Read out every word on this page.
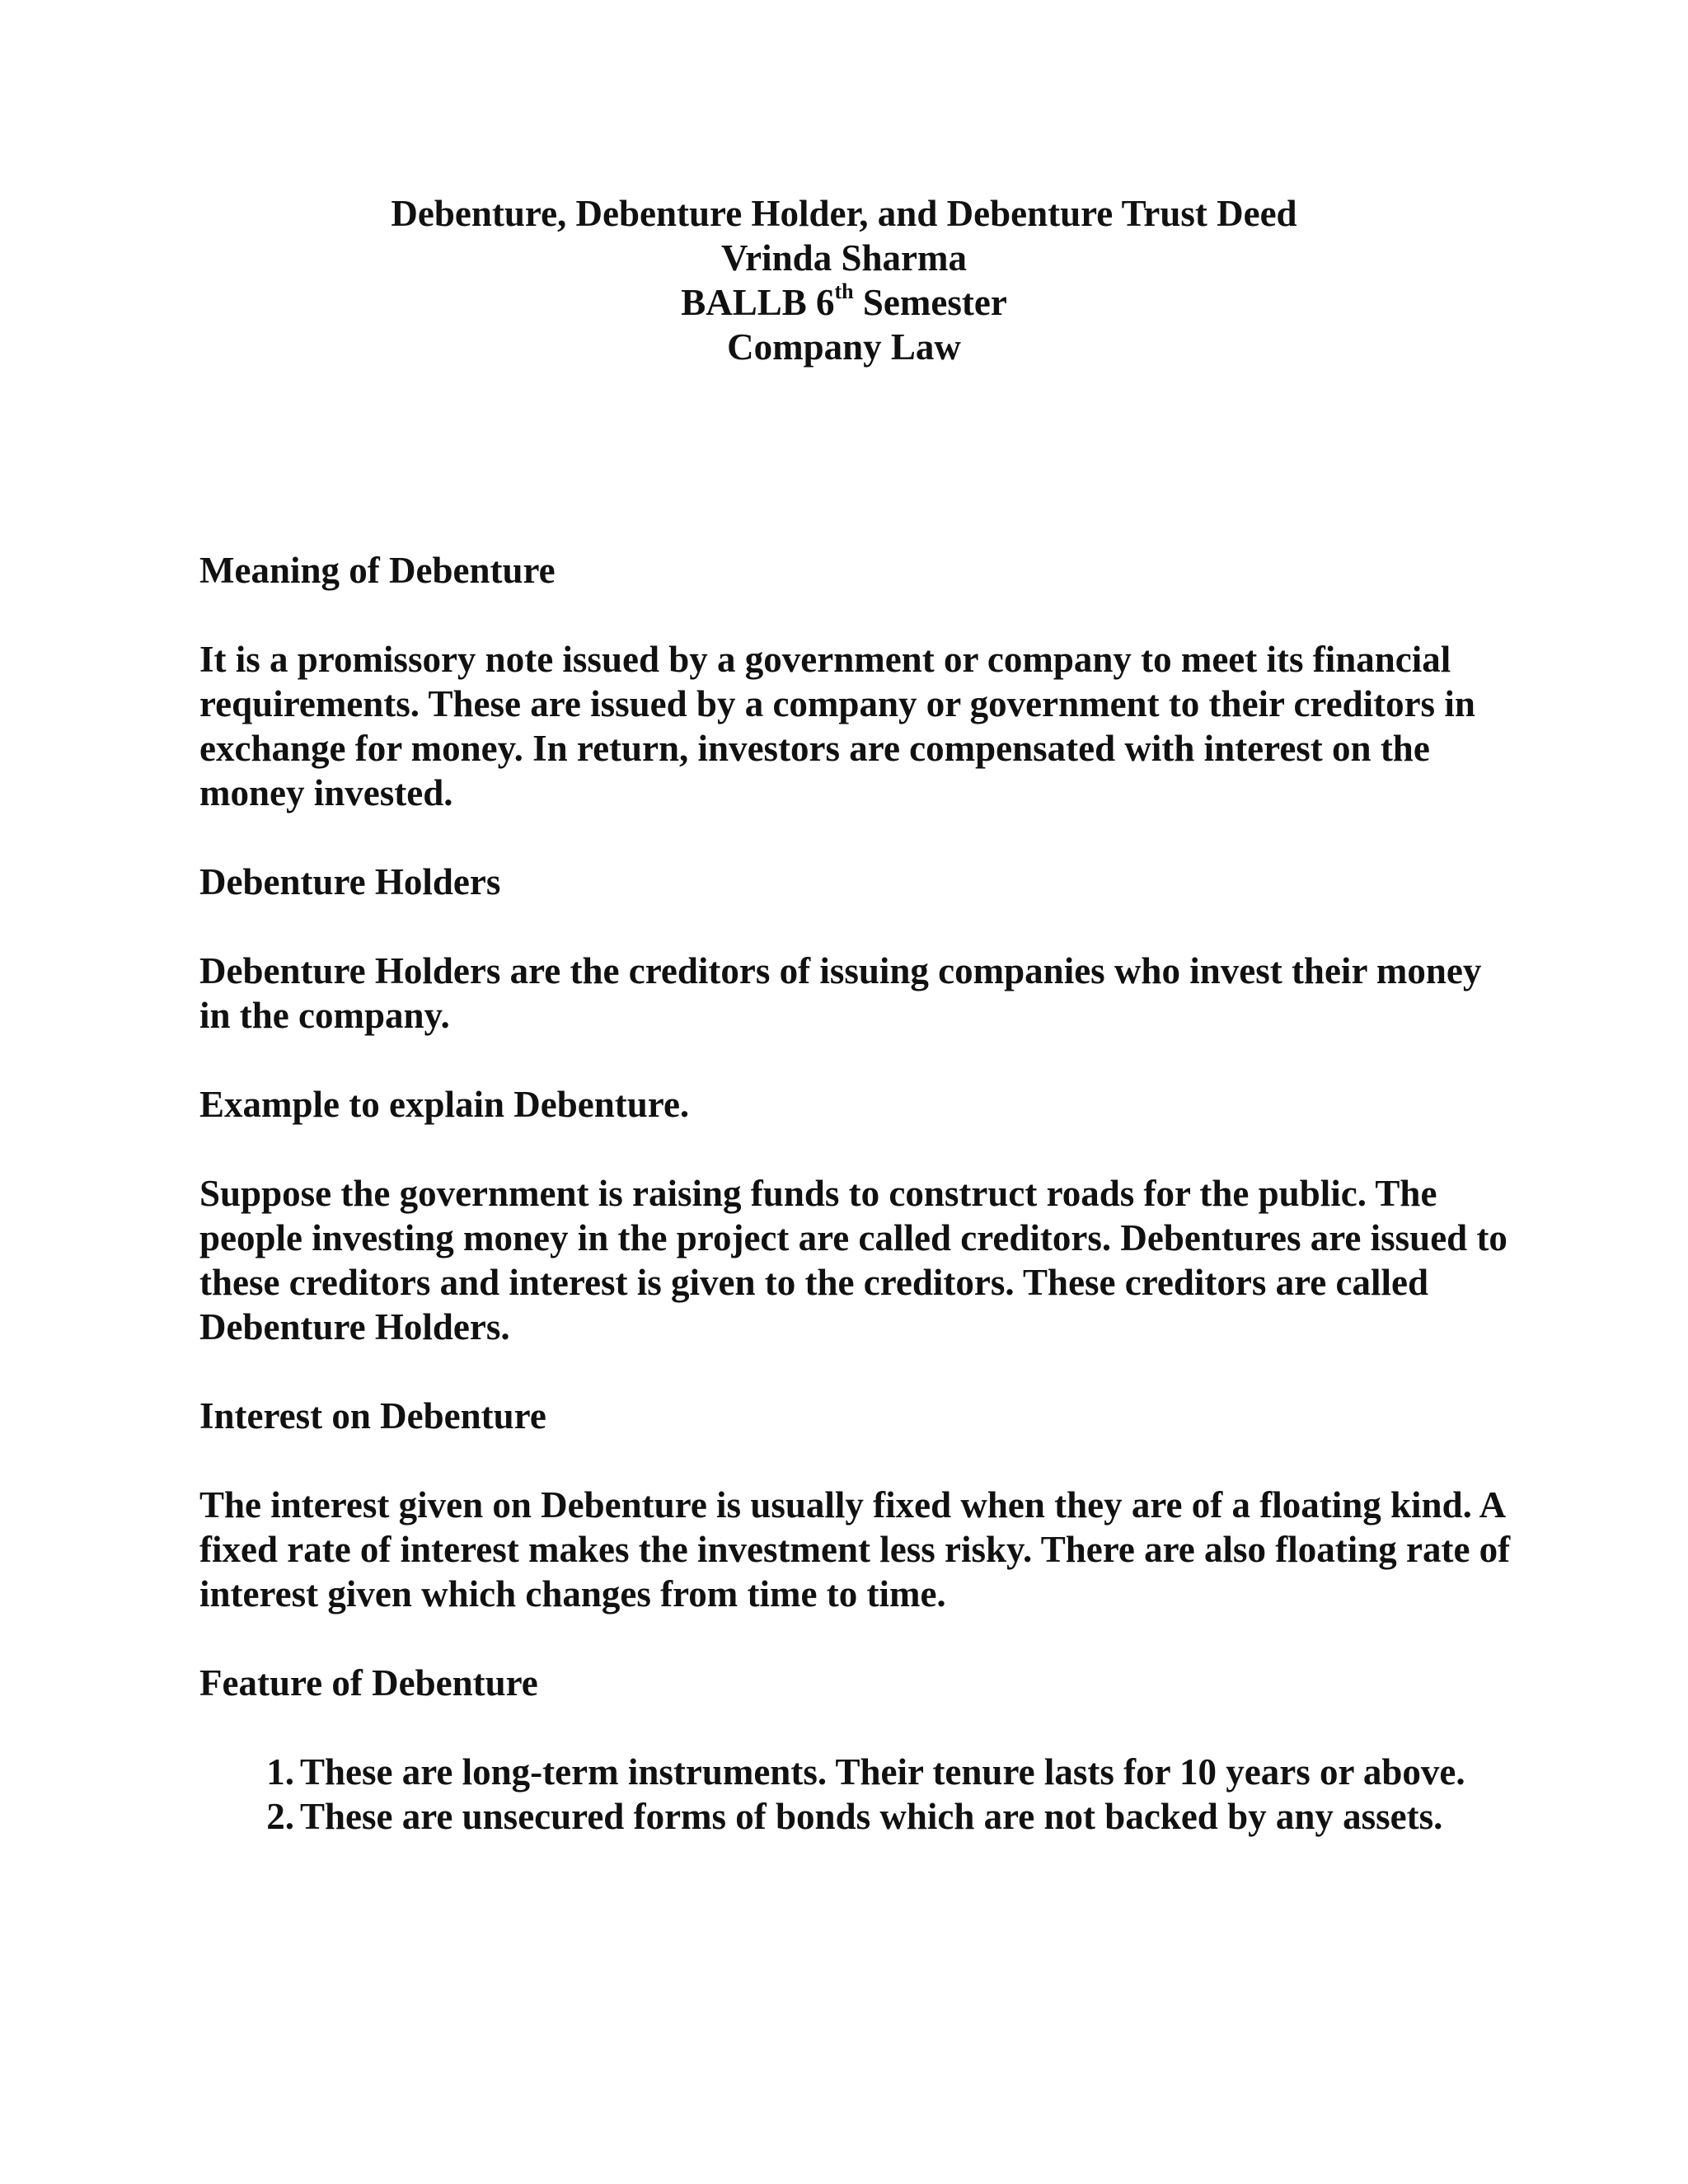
Debenture, Debenture Holder, and Debenture Trust Deed
Vrinda Sharma
BALLB 6th Semester
Company Law
Meaning of Debenture
It is a promissory note issued by a government or company to meet its financial requirements. These are issued by a company or government to their creditors in exchange for money. In return, investors are compensated with interest on the money invested.
Debenture Holders
Debenture Holders are the creditors of issuing companies who invest their money in the company.
Example to explain Debenture.
Suppose the government is raising funds to construct roads for the public. The people investing money in the project are called creditors. Debentures are issued to these creditors and interest is given to the creditors. These creditors are called Debenture Holders.
Interest on Debenture
The interest given on Debenture is usually fixed when they are of a floating kind. A fixed rate of interest makes the investment less risky. There are also floating rate of interest given which changes from time to time.
Feature of Debenture
1. These are long-term instruments. Their tenure lasts for 10 years or above.
2. These are unsecured forms of bonds which are not backed by any assets.
